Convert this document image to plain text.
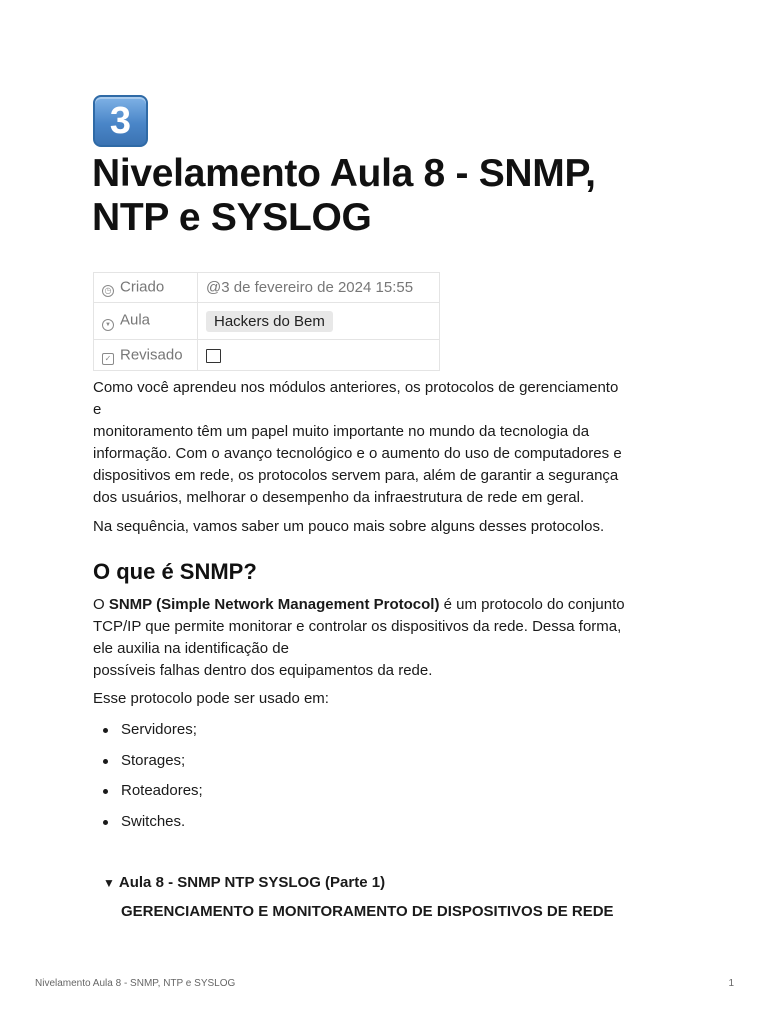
3
Nivelamento Aula 8 - SNMP,
NTP e SYSLOG
◷ Criado	@3 de fevereiro de 2024 15:55
▼ Aula	Hackers do Bem
✓ Revisado	
Como você aprendeu nos módulos anteriores, os protocolos de gerenciamento
e
monitoramento têm um papel muito importante no mundo da tecnologia da
informação. Com o avanço tecnológico e o aumento do uso de computadores e
dispositivos em rede, os protocolos servem para, além de garantir a segurança
dos usuários, melhorar o desempenho da infraestrutura de rede em geral.

Na sequência, vamos saber um pouco mais sobre alguns desses protocolos.

O que é SNMP?
O SNMP (Simple Network Management Protocol) é um protocolo do conjunto
TCP/IP que permite monitorar e controlar os dispositivos da rede. Dessa forma,
ele auxilia na identificação de
possíveis falhas dentro dos equipamentos da rede.

Esse protocolo pode ser usado em:

Servidores;
Storages;
Roteadores;
Switches.
▼ Aula 8 - SNMP NTP SYSLOG (Parte 1)
GERENCIAMENTO E MONITORAMENTO DE DISPOSITIVOS DE REDE
Nivelamento Aula 8 - SNMP, NTP e SYSLOG	1
